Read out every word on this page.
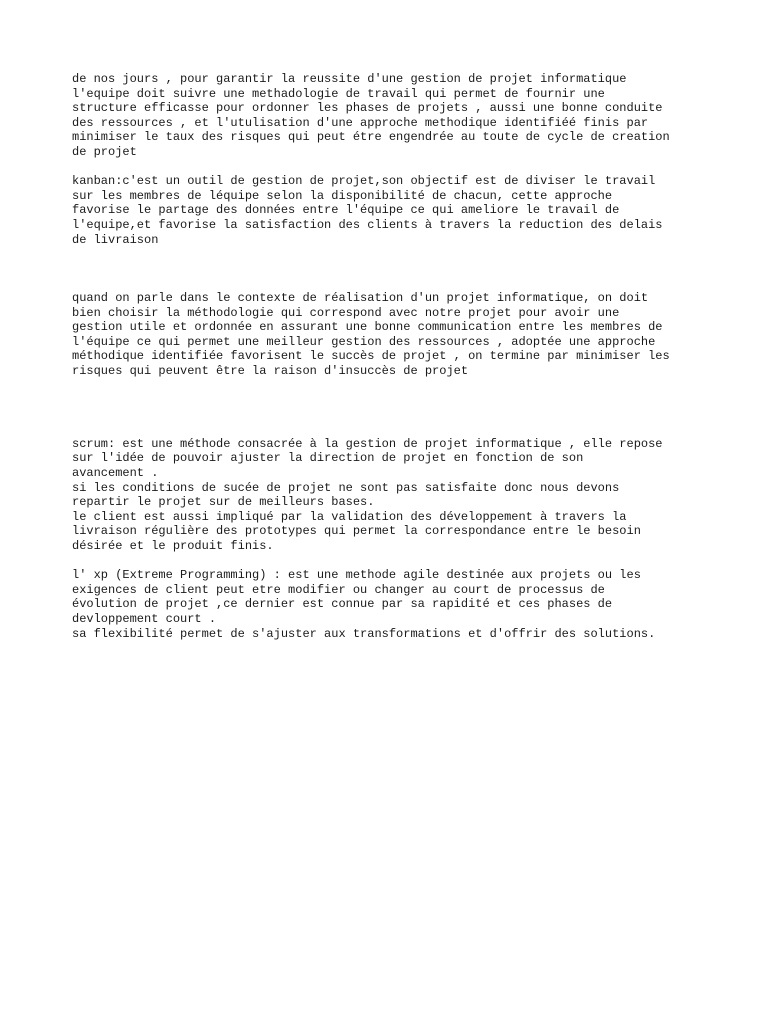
de nos jours , pour garantir la reussite d'une gestion de projet informatique
l'equipe doit suivre une methadologie de travail qui permet de fournir une
structure efficasse pour ordonner les phases de projets , aussi une bonne conduite
des ressources , et l'utulisation d'une approche methodique identifiéé finis par
minimiser le taux des risques qui peut étre engendrée au toute de cycle de creation
de projet

kanban:c'est un outil de gestion de projet,son objectif est de diviser le travail
sur les membres de léquipe selon la disponibilité de chacun, cette approche
favorise le partage des données entre l'équipe ce qui ameliore le travail de
l'equipe,et favorise la satisfaction des clients à travers la reduction des delais
de livraison

quand on parle dans le contexte de réalisation d'un projet informatique, on doit
bien choisir la méthodologie qui correspond avec notre projet pour avoir une
gestion utile et ordonnée en assurant une bonne communication entre les membres de
l'équipe ce qui permet une meilleur gestion des ressources , adoptée une approche
méthodique identifiée favorisent le succès de projet , on termine par minimiser les
risques qui peuvent être la raison d'insuccès de projet

scrum: est une méthode consacrée à la gestion de projet informatique , elle repose
sur l'idée de pouvoir ajuster la direction de projet en fonction de son
avancement .
si les conditions de sucée de projet ne sont pas satisfaite donc nous devons
repartir le projet sur de meilleurs bases.
le client est aussi impliqué par la validation des développement à travers la
livraison régulière des prototypes qui permet la correspondance entre le besoin
désirée et le produit finis.

l' xp (Extreme Programming) : est une methode agile destinée aux projets ou les
exigences de client peut etre modifier ou changer au court de processus de
évolution de projet ,ce dernier est connue par sa rapidité et ces phases de
devloppement court .
sa flexibilité permet de s'ajuster aux transformations et d'offrir des solutions.
